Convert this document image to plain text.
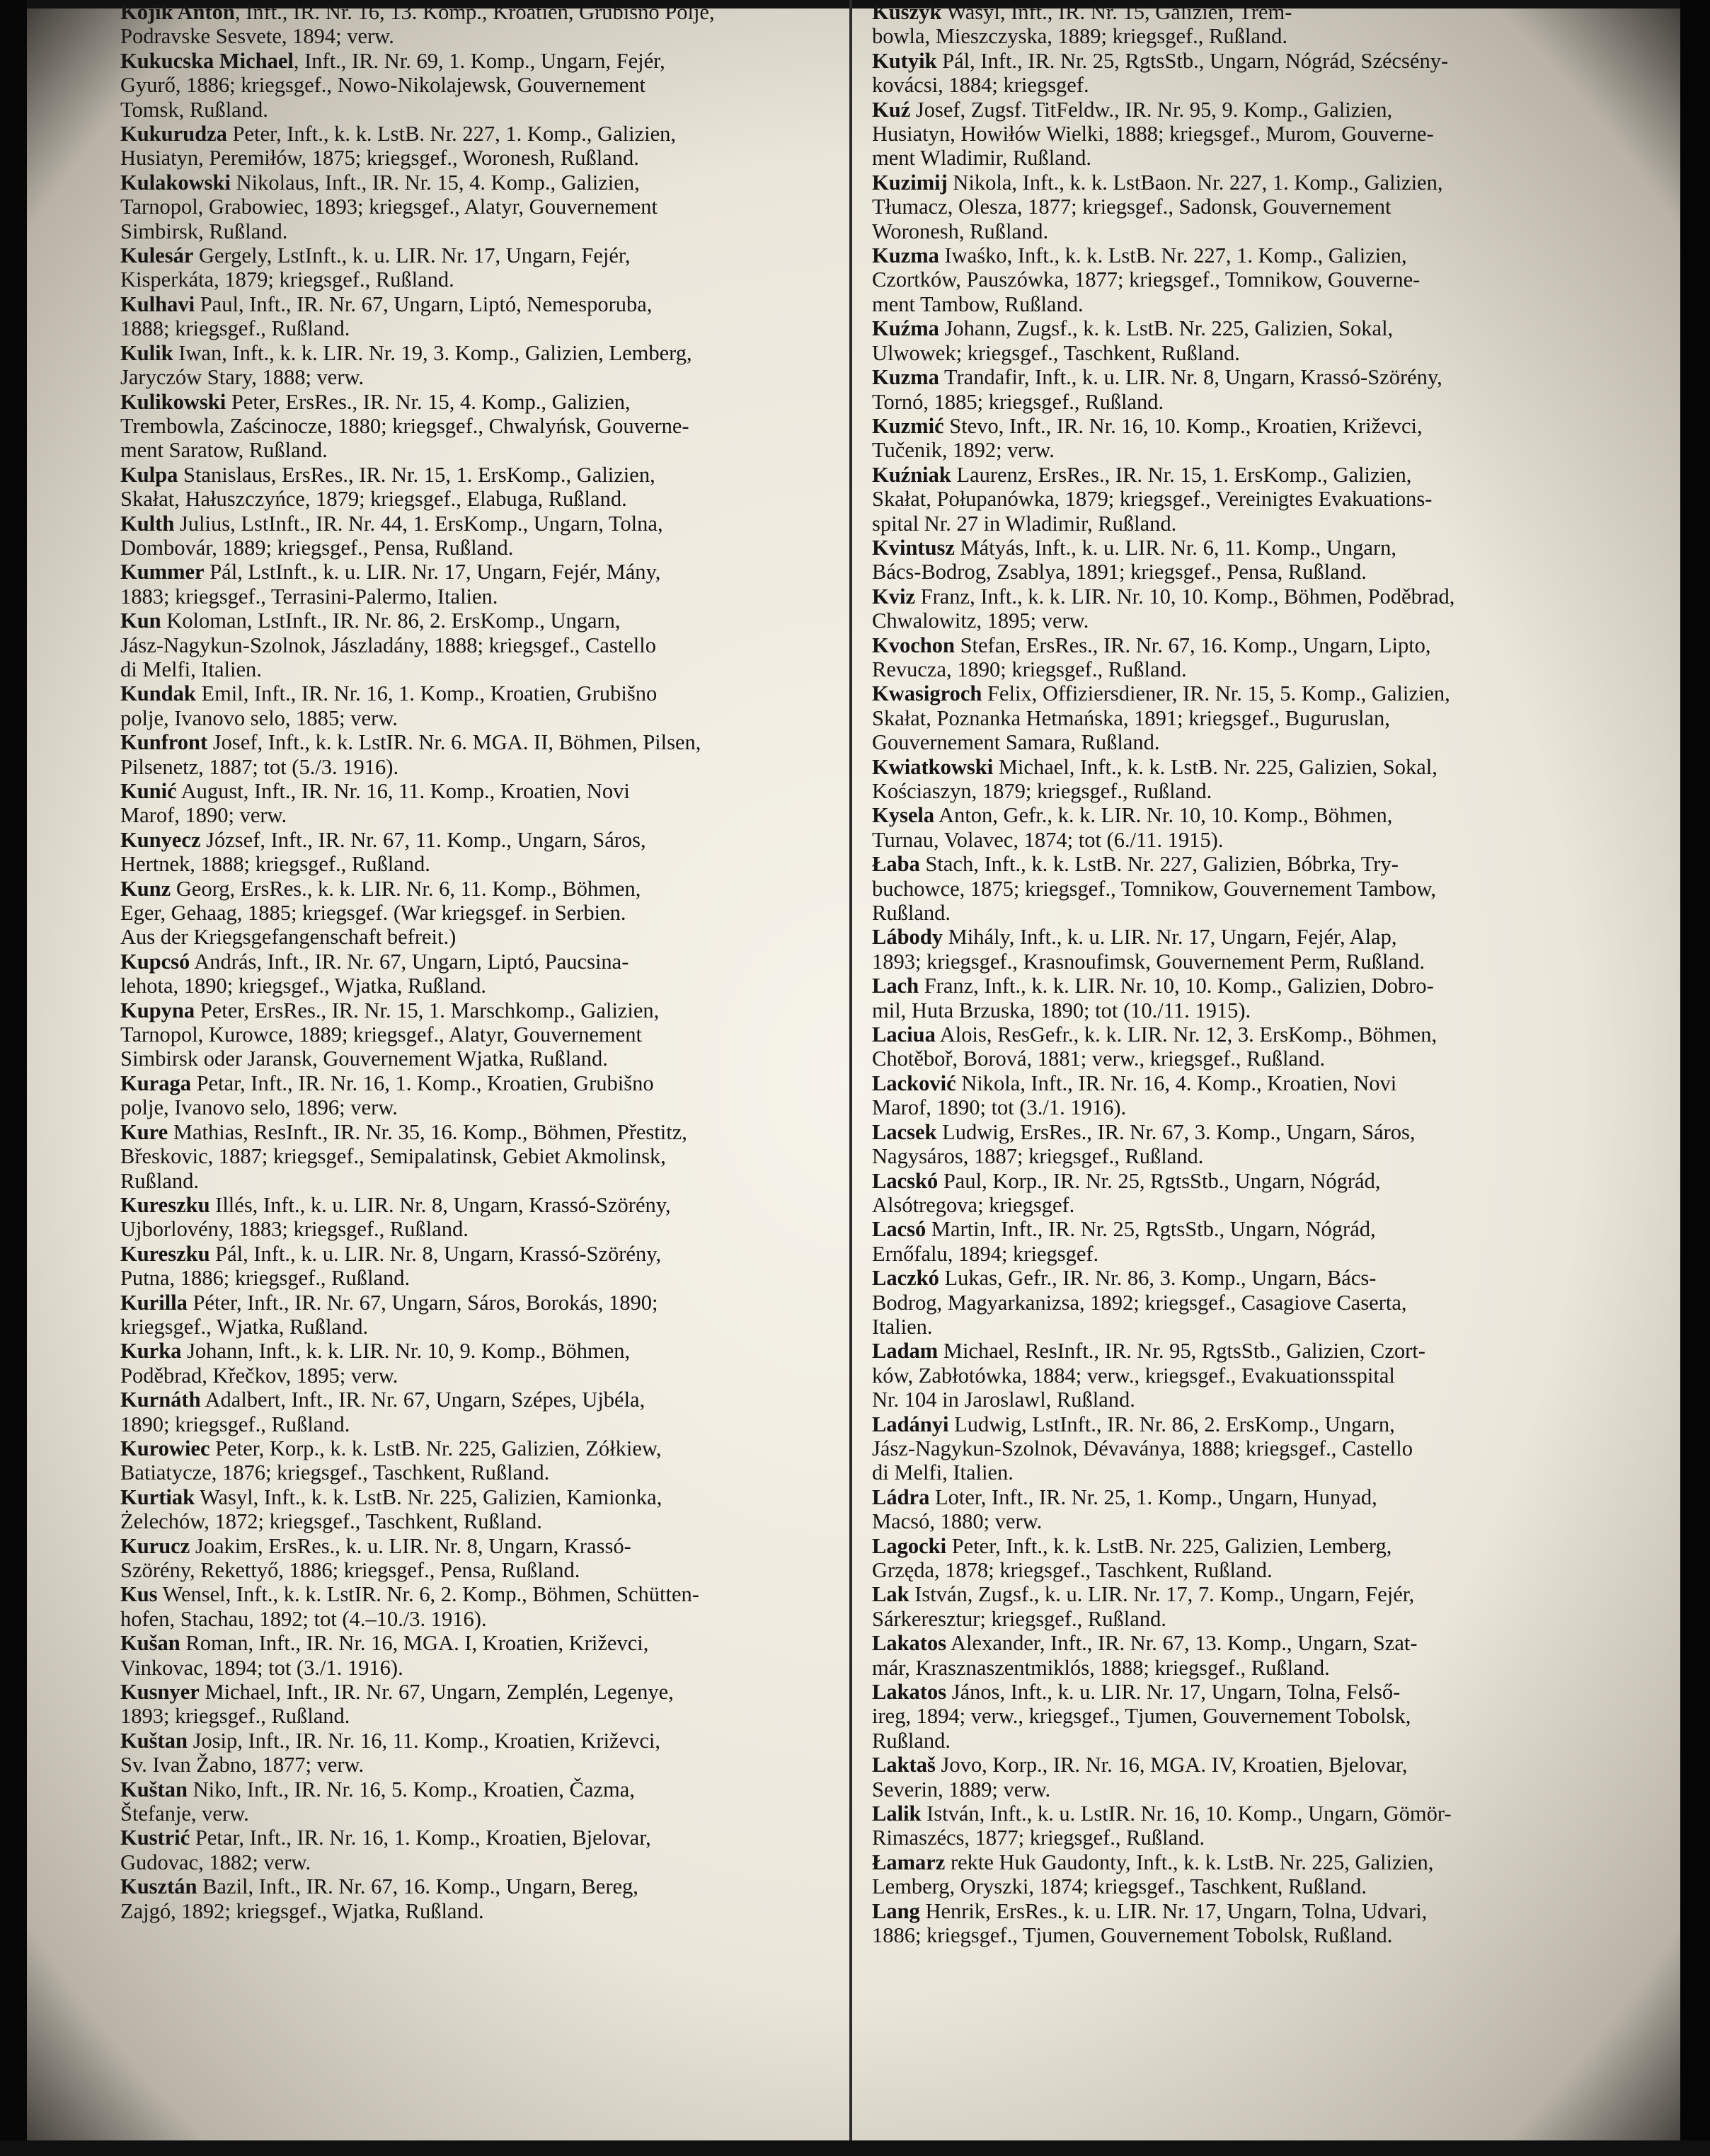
Kojik Anton, Inft., IR. Nr. 16, 13. Komp., Kroatien, Grubišno Polje,
Podravske Sesvete, 1894; verw.
Kukucska Michael, Inft., IR. Nr. 69, 1. Komp., Ungarn, Fejér,
Gyurő, 1886; kriegsgef., Nowo-Nikolajewsk, Gouvernement
Tomsk, Rußland.
Kukurudza Peter, Inft., k. k. LstB. Nr. 227, 1. Komp., Galizien,
Husiatyn, Peremiłów, 1875; kriegsgef., Woronesh, Rußland.
Kulakowski Nikolaus, Inft., IR. Nr. 15, 4. Komp., Galizien,
Tarnopol, Grabowiec, 1893; kriegsgef., Alatyr, Gouvernement
Simbirsk, Rußland.
Kulesár Gergely, LstInft., k. u. LIR. Nr. 17, Ungarn, Fejér,
Kisperkáta, 1879; kriegsgef., Rußland.
Kulhavi Paul, Inft., IR. Nr. 67, Ungarn, Liptó, Nemesporuba,
1888; kriegsgef., Rußland.
Kulik Iwan, Inft., k. k. LIR. Nr. 19, 3. Komp., Galizien, Lemberg,
Jaryczów Stary, 1888; verw.
Kulikowski Peter, ErsRes., IR. Nr. 15, 4. Komp., Galizien,
Trembowla, Zaścinocze, 1880; kriegsgef., Chwalyńsk, Gouverne-
ment Saratow, Rußland.
Kulpa Stanislaus, ErsRes., IR. Nr. 15, 1. ErsKomp., Galizien,
Skałat, Hałuszczyńce, 1879; kriegsgef., Elabuga, Rußland.
Kulth Julius, LstInft., IR. Nr. 44, 1. ErsKomp., Ungarn, Tolna,
Dombovár, 1889; kriegsgef., Pensa, Rußland.
Kummer Pál, LstInft., k. u. LIR. Nr. 17, Ungarn, Fejér, Mány,
1883; kriegsgef., Terrasini-Palermo, Italien.
Kun Koloman, LstInft., IR. Nr. 86, 2. ErsKomp., Ungarn,
Jász-Nagykun-Szolnok, Jászladány, 1888; kriegsgef., Castello
di Melfi, Italien.
Kundak Emil, Inft., IR. Nr. 16, 1. Komp., Kroatien, Grubišno
polje, Ivanovo selo, 1885; verw.
Kunfront Josef, Inft., k. k. LstIR. Nr. 6. MGA. II, Böhmen, Pilsen,
Pilsenetz, 1887; tot (5./3. 1916).
Kunić August, Inft., IR. Nr. 16, 11. Komp., Kroatien, Novi
Marof, 1890; verw.
Kunyecz József, Inft., IR. Nr. 67, 11. Komp., Ungarn, Sáros,
Hertnek, 1888; kriegsgef., Rußland.
Kunz Georg, ErsRes., k. k. LIR. Nr. 6, 11. Komp., Böhmen,
Eger, Gehaag, 1885; kriegsgef. (War kriegsgef. in Serbien.
Aus der Kriegsgefangenschaft befreit.)
Kupcsó András, Inft., IR. Nr. 67, Ungarn, Liptó, Paucsina-
lehota, 1890; kriegsgef., Wjatka, Rußland.
Kupyna Peter, ErsRes., IR. Nr. 15, 1. Marschkomp., Galizien,
Tarnopol, Kurowce, 1889; kriegsgef., Alatyr, Gouvernement
Simbirsk oder Jaransk, Gouvernement Wjatka, Rußland.
Kuraga Petar, Inft., IR. Nr. 16, 1. Komp., Kroatien, Grubišno
polje, Ivanovo selo, 1896; verw.
Kure Mathias, ResInft., IR. Nr. 35, 16. Komp., Böhmen, Přestitz,
Břeskovic, 1887; kriegsgef., Semipalatinsk, Gebiet Akmolinsk,
Rußland.
Kureszku Illés, Inft., k. u. LIR. Nr. 8, Ungarn, Krassó-Szörény,
Ujborlovény, 1883; kriegsgef., Rußland.
Kureszku Pál, Inft., k. u. LIR. Nr. 8, Ungarn, Krassó-Szörény,
Putna, 1886; kriegsgef., Rußland.
Kurilla Péter, Inft., IR. Nr. 67, Ungarn, Sáros, Borokás, 1890;
kriegsgef., Wjatka, Rußland.
Kurka Johann, Inft., k. k. LIR. Nr. 10, 9. Komp., Böhmen,
Poděbrad, Křečkov, 1895; verw.
Kurnáth Adalbert, Inft., IR. Nr. 67, Ungarn, Szépes, Ujbéla,
1890; kriegsgef., Rußland.
Kurowiec Peter, Korp., k. k. LstB. Nr. 225, Galizien, Zółkiew,
Batiatycze, 1876; kriegsgef., Taschkent, Rußland.
Kurtiak Wasyl, Inft., k. k. LstB. Nr. 225, Galizien, Kamionka,
Żelechów, 1872; kriegsgef., Taschkent, Rußland.
Kurucz Joakim, ErsRes., k. u. LIR. Nr. 8, Ungarn, Krassó-
Szörény, Rekettyő, 1886; kriegsgef., Pensa, Rußland.
Kus Wensel, Inft., k. k. LstIR. Nr. 6, 2. Komp., Böhmen, Schütten-
hofen, Stachau, 1892; tot (4.–10./3. 1916).
Kušan Roman, Inft., IR. Nr. 16, MGA. I, Kroatien, Križevci,
Vinkovac, 1894; tot (3./1. 1916).
Kusnyer Michael, Inft., IR. Nr. 67, Ungarn, Zemplén, Legenye,
1893; kriegsgef., Rußland.
Kuštan Josip, Inft., IR. Nr. 16, 11. Komp., Kroatien, Križevci,
Sv. Ivan Žabno, 1877; verw.
Kuštan Niko, Inft., IR. Nr. 16, 5. Komp., Kroatien, Čazma,
Štefanje, verw.
Kustrić Petar, Inft., IR. Nr. 16, 1. Komp., Kroatien, Bjelovar,
Gudovac, 1882; verw.
Kusztán Bazil, Inft., IR. Nr. 67, 16. Komp., Ungarn, Bereg,
Zajgó, 1892; kriegsgef., Wjatka, Rußland.
Kuszyk Wasyl, Inft., IR. Nr. 15, Galizien, Trem-
bowla, Mieszczyska, 1889; kriegsgef., Rußland.
Kutyik Pál, Inft., IR. Nr. 25, RgtsStb., Ungarn, Nógrád, Szécsény-
kovácsi, 1884; kriegsgef.
Kuź Josef, Zugsf. TitFeldw., IR. Nr. 95, 9. Komp., Galizien,
Husiatyn, Howiłów Wielki, 1888; kriegsgef., Murom, Gouverne-
ment Wladimir, Rußland.
Kuzimij Nikola, Inft., k. k. LstBaon. Nr. 227, 1. Komp., Galizien,
Tłumacz, Olesza, 1877; kriegsgef., Sadonsk, Gouvernement
Woronesh, Rußland.
Kuzma Iwaśko, Inft., k. k. LstB. Nr. 227, 1. Komp., Galizien,
Czortków, Pauszówka, 1877; kriegsgef., Tomnikow, Gouverne-
ment Tambow, Rußland.
Kuźma Johann, Zugsf., k. k. LstB. Nr. 225, Galizien, Sokal,
Ulwowek; kriegsgef., Taschkent, Rußland.
Kuzma Trandafir, Inft., k. u. LIR. Nr. 8, Ungarn, Krassó-Szörény,
Tornó, 1885; kriegsgef., Rußland.
Kuzmić Stevo, Inft., IR. Nr. 16, 10. Komp., Kroatien, Križevci,
Tučenik, 1892; verw.
Kuźniak Laurenz, ErsRes., IR. Nr. 15, 1. ErsKomp., Galizien,
Skałat, Połupanówka, 1879; kriegsgef., Vereinigtes Evakuations-
spital Nr. 27 in Wladimir, Rußland.
Kvintusz Mátyás, Inft., k. u. LIR. Nr. 6, 11. Komp., Ungarn,
Bács-Bodrog, Zsablya, 1891; kriegsgef., Pensa, Rußland.
Kviz Franz, Inft., k. k. LIR. Nr. 10, 10. Komp., Böhmen, Poděbrad,
Chwalowitz, 1895; verw.
Kvochon Stefan, ErsRes., IR. Nr. 67, 16. Komp., Ungarn, Lipto,
Revucza, 1890; kriegsgef., Rußland.
Kwasigroch Felix, Offiziersdiener, IR. Nr. 15, 5. Komp., Galizien,
Skałat, Poznanka Hetmańska, 1891; kriegsgef., Buguruslan,
Gouvernement Samara, Rußland.
Kwiatkowski Michael, Inft., k. k. LstB. Nr. 225, Galizien, Sokal,
Kościaszyn, 1879; kriegsgef., Rußland.
Kysela Anton, Gefr., k. k. LIR. Nr. 10, 10. Komp., Böhmen,
Turnau, Volavec, 1874; tot (6./11. 1915).
Łaba Stach, Inft., k. k. LstB. Nr. 227, Galizien, Bóbrka, Try-
buchowce, 1875; kriegsgef., Tomnikow, Gouvernement Tambow,
Rußland.
Lábody Mihály, Inft., k. u. LIR. Nr. 17, Ungarn, Fejér, Alap,
1893; kriegsgef., Krasnoufimsk, Gouvernement Perm, Rußland.
Lach Franz, Inft., k. k. LIR. Nr. 10, 10. Komp., Galizien, Dobro-
mil, Huta Brzuska, 1890; tot (10./11. 1915).
Laciua Alois, ResGefr., k. k. LIR. Nr. 12, 3. ErsKomp., Böhmen,
Chotěboř, Borová, 1881; verw., kriegsgef., Rußland.
Lacković Nikola, Inft., IR. Nr. 16, 4. Komp., Kroatien, Novi
Marof, 1890; tot (3./1. 1916).
Lacsek Ludwig, ErsRes., IR. Nr. 67, 3. Komp., Ungarn, Sáros,
Nagysáros, 1887; kriegsgef., Rußland.
Lacskó Paul, Korp., IR. Nr. 25, RgtsStb., Ungarn, Nógrád,
Alsótregova; kriegsgef.
Lacsó Martin, Inft., IR. Nr. 25, RgtsStb., Ungarn, Nógrád,
Ernőfalu, 1894; kriegsgef.
Laczkó Lukas, Gefr., IR. Nr. 86, 3. Komp., Ungarn, Bács-
Bodrog, Magyarkanizsa, 1892; kriegsgef., Casagiove Caserta,
Italien.
Ladam Michael, ResInft., IR. Nr. 95, RgtsStb., Galizien, Czort-
ków, Zabłotówka, 1884; verw., kriegsgef., Evakuationsspital
Nr. 104 in Jaroslawl, Rußland.
Ladányi Ludwig, LstInft., IR. Nr. 86, 2. ErsKomp., Ungarn,
Jász-Nagykun-Szolnok, Dévaványa, 1888; kriegsgef., Castello
di Melfi, Italien.
Ládra Loter, Inft., IR. Nr. 25, 1. Komp., Ungarn, Hunyad,
Macsó, 1880; verw.
Lagocki Peter, Inft., k. k. LstB. Nr. 225, Galizien, Lemberg,
Grzęda, 1878; kriegsgef., Taschkent, Rußland.
Lak István, Zugsf., k. u. LIR. Nr. 17, 7. Komp., Ungarn, Fejér,
Sárkeresztur; kriegsgef., Rußland.
Lakatos Alexander, Inft., IR. Nr. 67, 13. Komp., Ungarn, Szat-
már, Krasznaszentmiklós, 1888; kriegsgef., Rußland.
Lakatos János, Inft., k. u. LIR. Nr. 17, Ungarn, Tolna, Felső-
ireg, 1894; verw., kriegsgef., Tjumen, Gouvernement Tobolsk,
Rußland.
Laktaš Jovo, Korp., IR. Nr. 16, MGA. IV, Kroatien, Bjelovar,
Severin, 1889; verw.
Lalik István, Inft., k. u. LstIR. Nr. 16, 10. Komp., Ungarn, Gömör-
Rimaszécs, 1877; kriegsgef., Rußland.
Łamarz rekte Huk Gaudonty, Inft., k. k. LstB. Nr. 225, Galizien,
Lemberg, Oryszki, 1874; kriegsgef., Taschkent, Rußland.
Lang Henrik, ErsRes., k. u. LIR. Nr. 17, Ungarn, Tolna, Udvari,
1886; kriegsgef., Tjumen, Gouvernement Tobolsk, Rußland.
